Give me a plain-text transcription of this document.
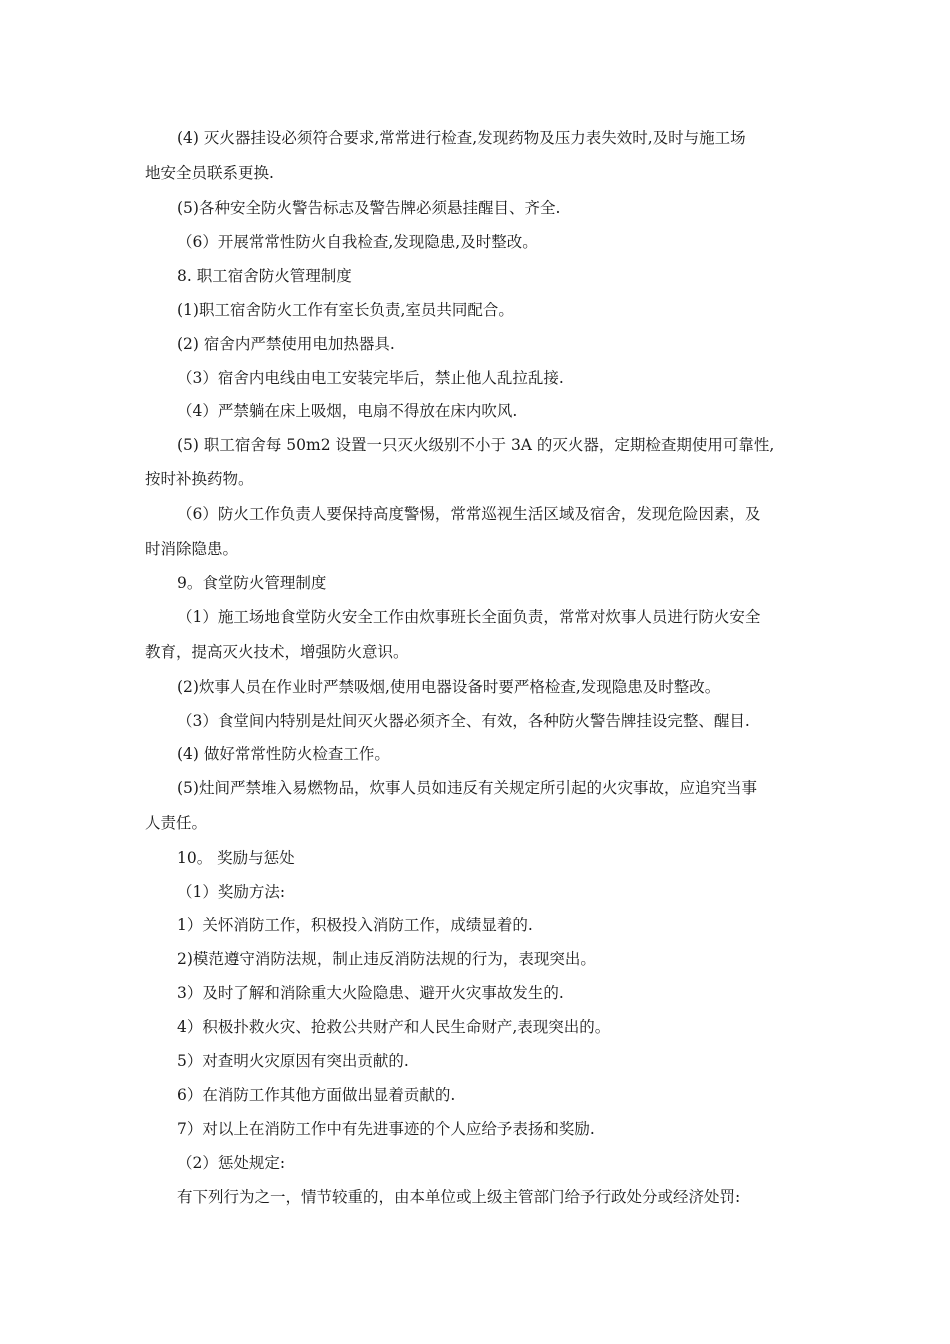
(4) 灭火器挂设必须符合要求,常常进行检查,发现药物及压力表失效时,及时与施工场
地安全员联系更换.
(5)各种安全防火警告标志及警告牌必须悬挂醒目、齐全.
（6）开展常常性防火自我检查,发现隐患,及时整改。
8. 职工宿舍防火管理制度
(1)职工宿舍防火工作有室长负责,室员共同配合。
(2) 宿舍内严禁使用电加热器具.
（3）宿舍内电线由电工安装完毕后，禁止他人乱拉乱接.
（4）严禁躺在床上吸烟，电扇不得放在床内吹风.
(5) 职工宿舍每 50m2 设置一只灭火级别不小于 3A 的灭火器，定期检查期使用可靠性,
按时补换药物。
（6）防火工作负责人要保持高度警惕，常常巡视生活区域及宿舍，发现危险因素，及
时消除隐患。
9。食堂防火管理制度
（1）施工场地食堂防火安全工作由炊事班长全面负责，常常对炊事人员进行防火安全
教育，提高灭火技术，增强防火意识。
(2)炊事人员在作业时严禁吸烟,使用电器设备时要严格检查,发现隐患及时整改。
（3）食堂间内特别是灶间灭火器必须齐全、有效，各种防火警告牌挂设完整、醒目.
(4) 做好常常性防火检查工作。
(5)灶间严禁堆入易燃物品，炊事人员如违反有关规定所引起的火灾事故，应追究当事
人责任。
10。 奖励与惩处
（1）奖励方法:
1）关怀消防工作，积极投入消防工作，成绩显着的.
2)模范遵守消防法规，制止违反消防法规的行为，表现突出。
3）及时了解和消除重大火险隐患、避开火灾事故发生的.
4）积极扑救火灾、抢救公共财产和人民生命财产,表现突出的。
5）对查明火灾原因有突出贡献的.
6）在消防工作其他方面做出显着贡献的.
7）对以上在消防工作中有先进事迹的个人应给予表扬和奖励.
（2）惩处规定:
有下列行为之一，情节较重的，由本单位或上级主管部门给予行政处分或经济处罚:
